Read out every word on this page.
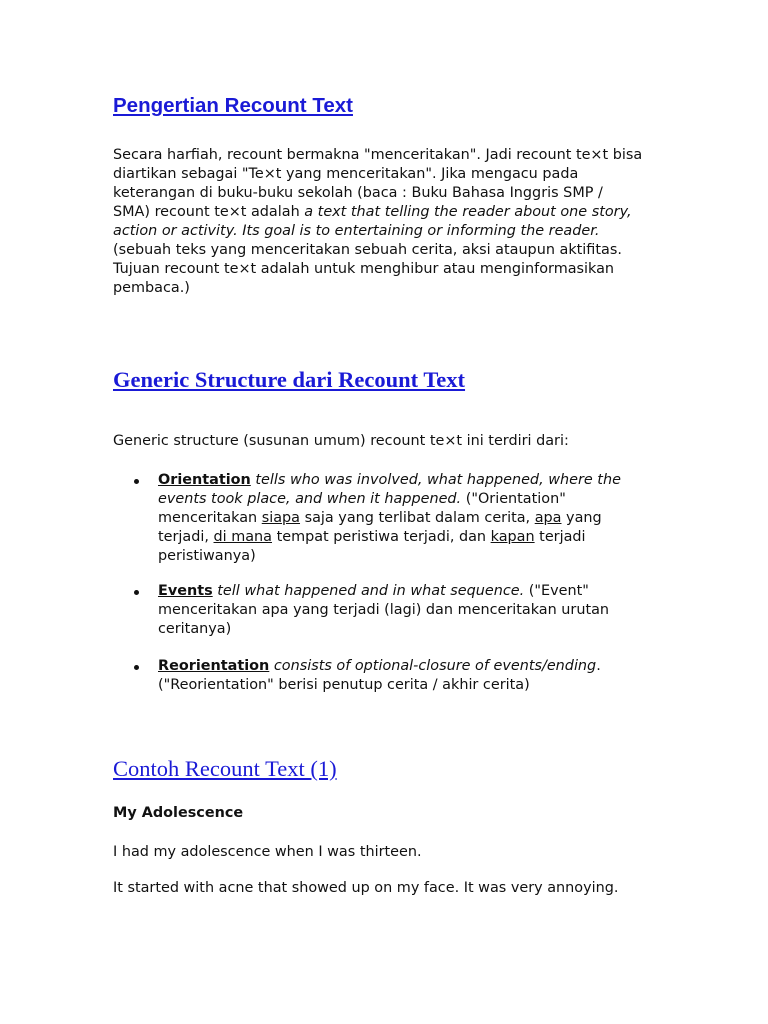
Pengertian Recount Text

Secara harfiah, recount bermakna "menceritakan". Jadi recount te×t bisa diartikan sebagai "Te×t yang menceritakan". Jika mengacu pada keterangan di buku-buku sekolah (baca : Buku Bahasa Inggris SMP / SMA) recount te×t adalah a text that telling the reader about one story, action or activity. Its goal is to entertaining or informing the reader. (sebuah teks yang menceritakan sebuah cerita, aksi ataupun aktifitas. Tujuan recount te×t adalah untuk menghibur atau menginformasikan pembaca.)

Generic Structure dari Recount Text

Generic structure (susunan umum) recount te×t ini terdiri dari:

Orientation tells who was involved, what happened, where the events took place, and when it happened. ("Orientation" menceritakan siapa saja yang terlibat dalam cerita, apa yang terjadi, di mana tempat peristiwa terjadi, dan kapan terjadi peristiwanya)
Events tell what happened and in what sequence. ("Event" menceritakan apa yang terjadi (lagi) dan menceritakan urutan ceritanya)
Reorientation consists of optional-closure of events/ending. ("Reorientation" berisi penutup cerita / akhir cerita)
Contoh Recount Text (1)
My Adolescence

I had my adolescence when I was thirteen.

It started with acne that showed up on my face. It was very annoying.
